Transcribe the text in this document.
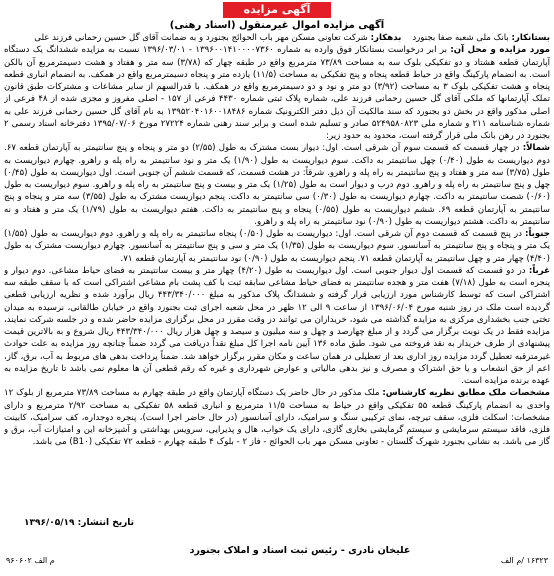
آگهی مزایده

آگهی مزایده اموال غیرمنقول (اسناد رهنی)

بستانکار: بانک ملی شعبه صفا بجنورد    بدهکار: شرکت تعاونی مسکن مهر باب الحوائج بجنورد و به ضمانت آقای گل حسین رحمانی فرزند علی

مورد مزایده و محل آن: بر ابر درخواست بستانکار فوق وارده به شماره ۱۳۹۶۰۰۱۴۱۰۰۰۰۷۳۶۰ - ۱۳۹۶/۰۳/۰۱ نسبت به مزایده ششدانگ یک دستگاه آپارتمان قطعه هشتاد و دو تفکیکی بلوک سه به مساحت ۷۳/۸۹ مترمربع واقع در طبقه چهار که (۳/۷۸) سه متر و هفتاد و هشت دسیمترمربع آن بالکن است. به انضمام پارکینگ واقع در حیاط قطعه پنجاه و پنج تفکیکی به مساحت (۱۱/۵) یازده متر و پنجاه دسیمترمربع واقع در همکف. به انضمام انباری قطعه پنجاه و هشت تفکیکی بلوک ۳ به مساحت (۳/۹۲) دو متر و نود و دو دسیمترمربع واقع در همکف. با قدرالسهم از سایر مشاعات و مشترکات طبق قانون تملک آپارتمانها که ملکی آقای گل حسین رحمانی فرزند علی، شماره پلاک ثبتی شماره ۴۴۳۰ فرعی از ۱۵۷ - اصلی مفروز و مجزی شده از ۴۸ فرعی از اصلی مذکور واقع در بخش دو بجنورد که سند مالکیت آن ذیل دفتر الکترونیک شماره ۱۳۹۵۲۰۴۰۱۶۰۰۱۸۴۸۶ به نام آقای گل حسین رحمانی فرزند علی به شماره شناسنامه ۲۱۱ و شماره ملی ۵۲۴۹۵۸۰۸۲۳ صادر و تسلیم شده است و برابر سند رهنی شماره ۲۷۲۲۴ مورخ ۱۳۹۵/۰۷/۰۶ دفترخانه اسناد رسمی ۲ بجنورد در رهن بانک ملی قرار گرفته است، محدود به حدود زیر:

شمالاً: در چهار قسمت که قسمت سوم آن شرقی است. اول: دیوار بست مشترک به طول (۲/۵۵) دو متر و پنجاه و پنج سانتیمتر به آپارتمان قطعه ۶۷. دوم دیواریست به طول (۰/۴۰) چهل سانتیمتر به داکت. سوم دیواریست به طول (۱/۹۰) یک متر و نود سانتیمتر به راه پله و راهرو. چهارم دیواریست به طول (۳/۷۵) سه متر و هفتاد و پنج سانتیمتر به راه پله و راهرو. شرقاً: در هشت قسمت، که قسمت ششم آن جنوبی است. اول دیواریست به طول (۰/۴۵) چهل و پنج سانتیمتر به راه پله و راهرو. دوم درب و دیوار است به طول (۱/۲۵) یک متر و بیست و پنج سانتیمتر به راه پله و راهرو. سوم دیواریست به طول (۰/۶۰) شصت سانتیمتر به داکت. چهارم دیواریست به طول (۰/۳۰) سی سانتیمتر به داکت. پنجم دیواریست مشترک به طول (۳/۵۵) سه متر و پنجاه و پنج سانتیمتر به آپارتمان قطعه ۶۹. ششم دیواریست به طول (۰/۵۵) پنجاه و پنج سانتیمتر به داکت. هفتم دیواریست به طول (۱/۷۹) یک متر و هفتاد و نه سانتیمتر به داکت. هشتم دیواریست به طول (۰/۹۰) نود سانتیمتر به راه پله و راهرو.

جنوباً: در پنج قسمت که قسمت دوم آن شرقی است. اول: دیواریست به طول (۰/۵۰) پنجاه سانتیمتر به راه پله و راهرو. دوم دیواریست به طول (۱/۵۵) یک متر و پنجاه و پنج سانتیمتر به آسانسور. سوم دیواریست به طول (۱/۳۵) یک متر و سی و پنج سانتیمتر به آسانسور. چهارم دیواریست مشترک به طول (۴/۴۰) چهار متر و چهل سانتیمتر به آپارتمان قطعه ۷۱. پنجم دیواریست به طول (۰/۹۰) نود سانتیمتر به آپارتمان قطعه ۷۱.

غرباً: در دو قسمت که قسمت اول دیوار جنوبی است. اول دیواریست به طول (۴/۲۰) چهار متر و بیست سانتیمتر به فضای حیاط مشاعی. دوم دیوار و پنجره است به طول (۷/۱۸) هفت متر و هجده سانتیمتر به فضای حیاط مشاعی سابقه ثبت با کف پشت بام مشاعی اشتراکی است که با سقف طبقه سه اشتراکی است که توسط کارشناس مورد ارزیابی قرار گرفته و ششدانگ پلاک مذکور به مبلغ ۴۴۳/۳۴۰/۰۰۰ ریال برآورد شده و نظریه ارزیابی قطعی گردیده است ملک در روز شنبه مورخ ۱۳۹۶/۰۶/۰۴ از ساعت ۹ الی ۱۲ ظهر در محل شعبه اجرای ثبت بجنورد واقع در خیابان طالقانی، نرسیده به میدان تختی جنب بخشداری مرکزی به مزایده گذاشته می شود، خریداران می توانند در وقت مقرر در محل برگزاری مزایده حاضر شده و در جلسه شرکت نمایند، مزایده فقط در یک نوبت برگزار می گردد و از مبلغ چهارصد و چهل و سه میلیون و سیصد و چهل هزار ریال ۴۴۳/۳۴۰/۰۰۰ ریال شروع و به بالاترین قیمت پیشنهادی از طرف خریدار به نقد فروخته می شود. طبق ماده ۱۳۶ آیین نامه اجرا کل مبلغ نقداً دریافت می گردد ضمناً چنانچه روز مزایده به علت حوادث غیرمترقبه تعطیل گردد مزایده روز اداری بعد از تعطیلی در همان ساعت و مکان مقرر برگزار خواهد شد. ضمناً پرداخت بدهی های مربوط به آب، برق، گاز، اعم از حق انشعاب و یا حق اشتراک و مصرف و نیز بدهی مالیاتی و عوارض شهرداری و غیره که رقم قطعی آن ها معلوم نمی باشد تا تاریخ مزایده به عهده برنده مزایده است.

مشخصات ملک مطابق نظریه کارشناس: ملک مذکور در حال حاضر یک دستگاه آپارتمان واقع در طبقه چهارم به مساحت ۷۳/۸۹ مترمربع از بلوک ۱۲ واحدی به انضمام پارکینگ قطعه ۵۵ تفکیکی واقع در حیاط به مساحت ۱۱/۵ مترمربع و انباری قطعه ۵۸ تفکیکی به مساحت ۲/۹۲ مترمربع و دارای مشخصات: اسکلت فلزی، سقف تیرچه، نمای ترکیبی سنگ و سرامیک، دارای آسانسور (در حال حاضر اجرا است)، پنجره دوجداره، کف سرامیک، کابینت فلزی، فاقد سیستم سرمایشی و سیستم گرمایشی بخاری گازی، دارای یک خواب، هال و پذیرایی، سرویس بهداشتی و آشپزخانه این و امتیازات آب، برق و گاز می باشد. به نشانی بجنورد شهرک گلستان - تعاونی مسکن مهر باب الحوائج - فاز ۲ - بلوک ۴ طبقه چهارم - قطعه ۷۲ تفکیکی (B1۰) می باشد.

تاریخ انتشار: ۱۳۹۶/۰۵/۱۹
علیخان نادری - رئیس ثبت اسناد و املاک بجنورد
م الف ۹۶۰۶۰۲	۱۶۳۲۳ /م الف
